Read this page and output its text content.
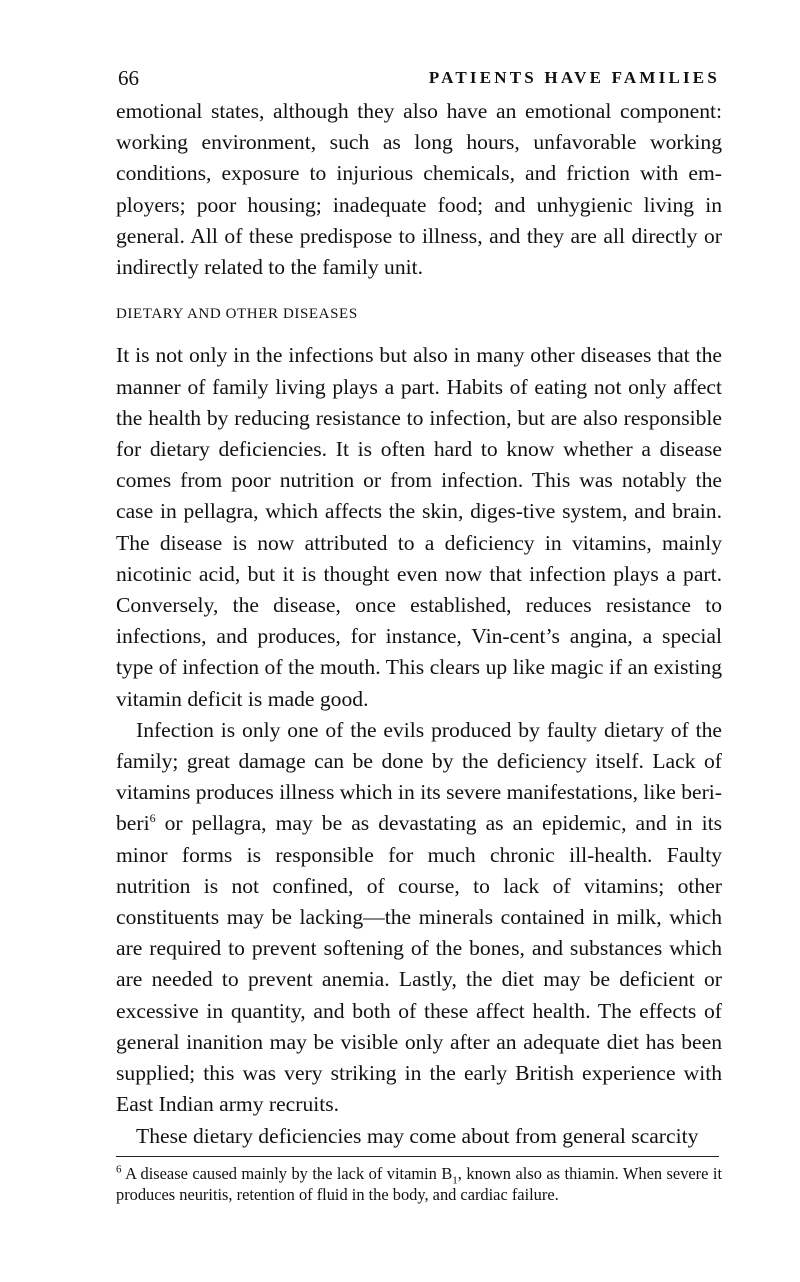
66	PATIENTS HAVE FAMILIES

emotional states, although they also have an emotional component: working environment, such as long hours, unfavorable working conditions, exposure to injurious chemicals, and friction with em-ployers; poor housing; inadequate food; and unhygienic living in general. All of these predispose to illness, and they are all directly or indirectly related to the family unit.

DIETARY AND OTHER DISEASES

It is not only in the infections but also in many other diseases that the manner of family living plays a part. Habits of eating not only affect the health by reducing resistance to infection, but are also responsible for dietary deficiencies. It is often hard to know whether a disease comes from poor nutrition or from infection. This was notably the case in pellagra, which affects the skin, diges-tive system, and brain. The disease is now attributed to a deficiency in vitamins, mainly nicotinic acid, but it is thought even now that infection plays a part. Conversely, the disease, once established, reduces resistance to infections, and produces, for instance, Vin-cent’s angina, a special type of infection of the mouth. This clears up like magic if an existing vitamin deficit is made good.

Infection is only one of the evils produced by faulty dietary of the family; great damage can be done by the deficiency itself. Lack of vitamins produces illness which in its severe manifestations, like beri-beri$^6$ or pellagra, may be as devastating as an epidemic, and in its minor forms is responsible for much chronic ill-health. Faulty nutrition is not confined, of course, to lack of vitamins; other constituents may be lacking—the minerals contained in milk, which are required to prevent softening of the bones, and substances which are needed to prevent anemia. Lastly, the diet may be deficient or excessive in quantity, and both of these affect health. The effects of general inanition may be visible only after an adequate diet has been supplied; this was very striking in the early British experience with East Indian army recruits.

These dietary deficiencies may come about from general scarcity

$^6$ A disease caused mainly by the lack of vitamin $B_1$, known also as thiamin. When severe it produces neuritis, retention of fluid in the body, and cardiac failure.
